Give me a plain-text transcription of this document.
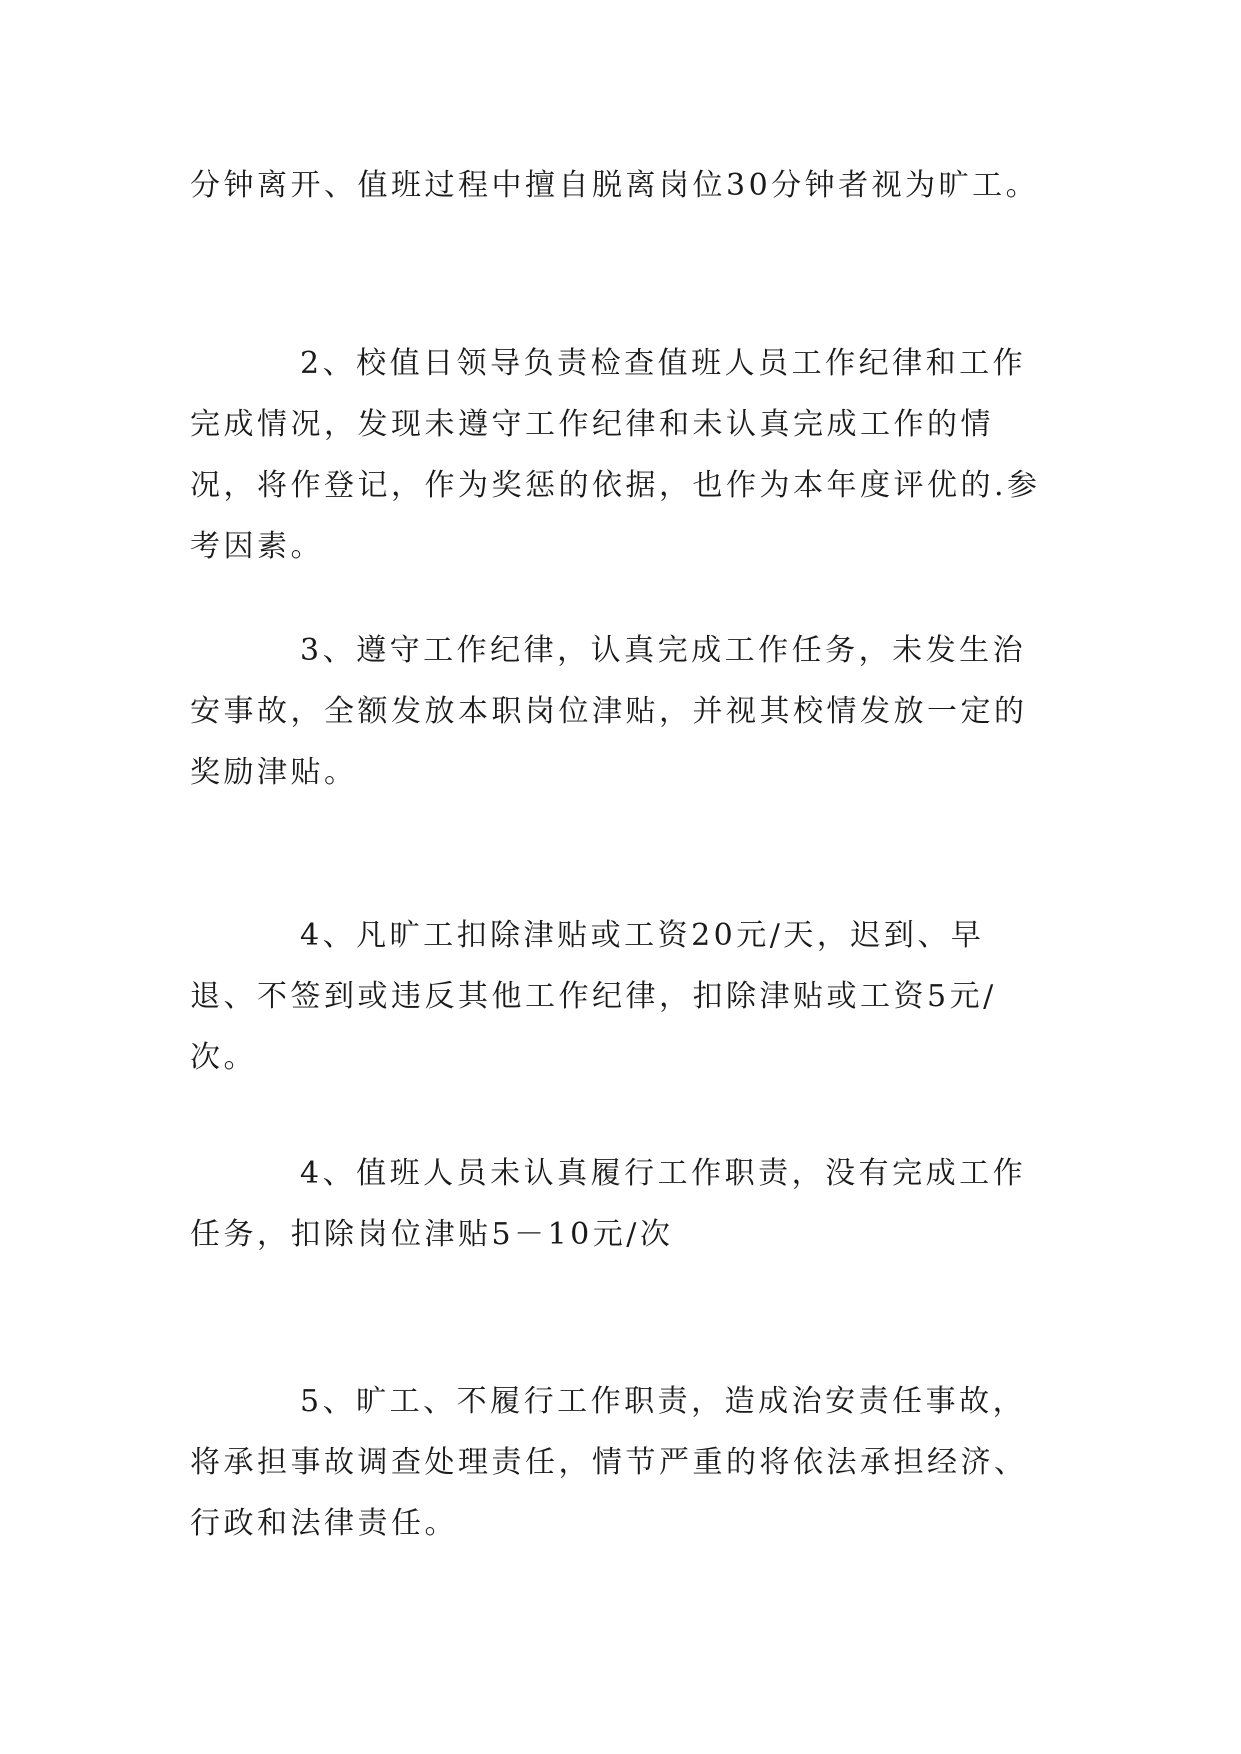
分钟离开、值班过程中擅自脱离岗位30分钟者视为旷工。

2、校值日领导负责检查值班人员工作纪律和工作完成情况，发现未遵守工作纪律和未认真完成工作的情况，将作登记，作为奖惩的依据，也作为本年度评优的.参考因素。

3、遵守工作纪律，认真完成工作任务，未发生治安事故，全额发放本职岗位津贴，并视其校情发放一定的奖励津贴。

4、凡旷工扣除津贴或工资20元/天，迟到、早退、不签到或违反其他工作纪律，扣除津贴或工资5元/次。

4、值班人员未认真履行工作职责，没有完成工作任务，扣除岗位津贴5－10元/次

5、旷工、不履行工作职责，造成治安责任事故，将承担事故调查处理责任，情节严重的将依法承担经济、行政和法律责任。
